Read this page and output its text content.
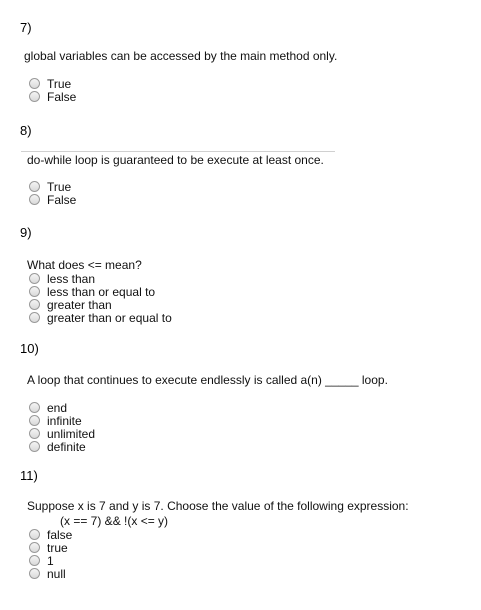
7)
global variables can be accessed by the main method only.
True
False
8)
do-while loop is guaranteed to be execute at least once.
True
False
9)
What does <= mean?
less than
less than or equal to
greater than
greater than or equal to
10)
A loop that continues to execute endlessly is called a(n) _____ loop.
end
infinite
unlimited
definite
11)
Suppose x is 7 and y is 7. Choose the value of the following expression:
(x == 7) && !(x <= y)
false
true
1
null
